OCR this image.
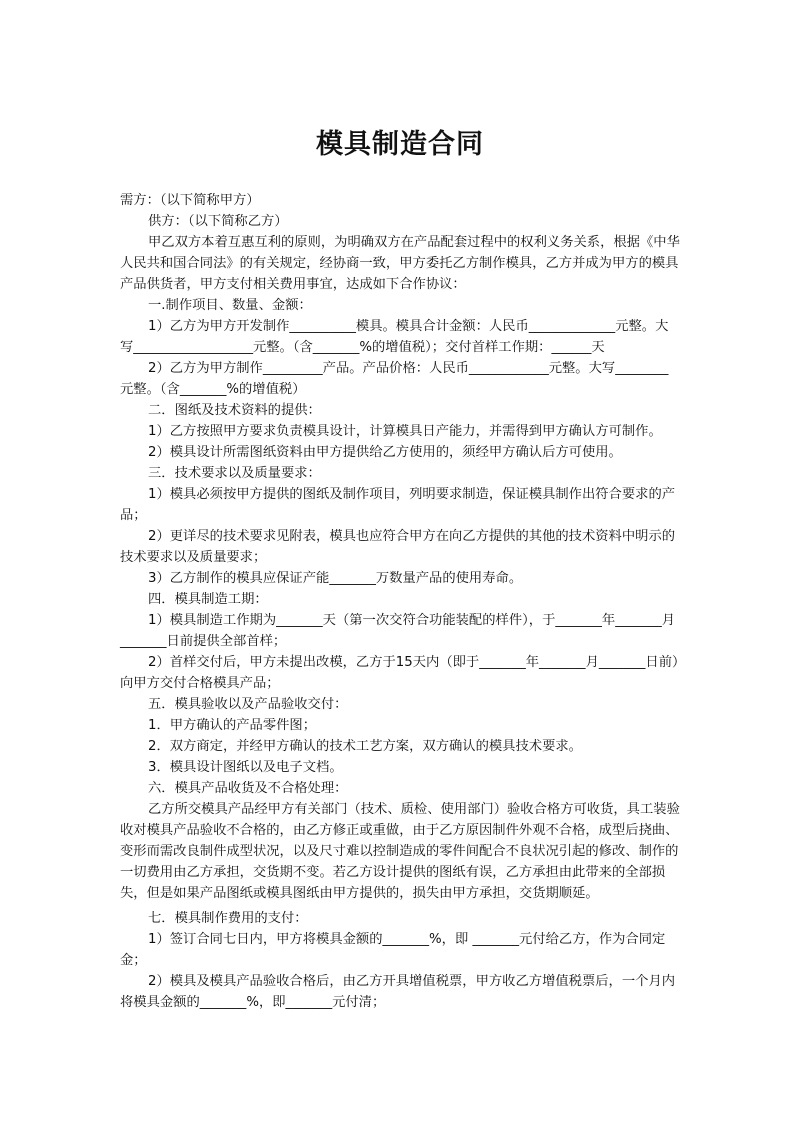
模具制造合同

需方：（以下简称甲方）

供方：（以下简称乙方）

甲乙双方本着互惠互利的原则，为明确双方在产品配套过程中的权利义务关系，根据《中华人民共和国合同法》的有关规定，经协商一致，甲方委托乙方制作模具，乙方并成为甲方的模具产品供货者，甲方支付相关费用事宜，达成如下合作协议：

一.制作项目、数量、金额：

1）乙方为甲方开发制作__________模具。模具合计金额：人民币_____________元整。大写__________________元整。（含_______%的增值税）；交付首样工作期：______天

2）乙方为甲方制作_________产品。产品价格：人民币____________元整。大写________元整。（含_______%的增值税）

二．图纸及技术资料的提供：

1）乙方按照甲方要求负责模具设计，计算模具日产能力，并需得到甲方确认方可制作。

2）模具设计所需图纸资料由甲方提供给乙方使用的，须经甲方确认后方可使用。

三．技术要求以及质量要求：

1）模具必须按甲方提供的图纸及制作项目，列明要求制造，保证模具制作出符合要求的产品；

2）更详尽的技术要求见附表，模具也应符合甲方在向乙方提供的其他的技术资料中明示的技术要求以及质量要求；

3）乙方制作的模具应保证产能_______万数量产品的使用寿命。

四．模具制造工期：

1）模具制造工作期为_______天（第一次交符合功能装配的样件），于_______年_______月_______日前提供全部首样；

2）首样交付后，甲方未提出改模，乙方于15天内（即于_______年_______月_______日前）向甲方交付合格模具产品；

五．模具验收以及产品验收交付：

1．甲方确认的产品零件图；

2．双方商定，并经甲方确认的技术工艺方案，双方确认的模具技术要求。

3．模具设计图纸以及电子文档。

六．模具产品收货及不合格处理：

乙方所交模具产品经甲方有关部门（技术、质检、使用部门）验收合格方可收货，具工装验收对模具产品验收不合格的，由乙方修正或重做，由于乙方原因制件外观不合格，成型后挠曲、变形而需改良制件成型状况，以及尺寸难以控制造成的零件间配合不良状况引起的修改、制作的一切费用由乙方承担，交货期不变。若乙方设计提供的图纸有误，乙方承担由此带来的全部损失，但是如果产品图纸或模具图纸由甲方提供的，损失由甲方承担，交货期顺延。

七．模具制作费用的支付：

1）签订合同七日内，甲方将模具金额的_______%，即 _______元付给乙方，作为合同定金；

2）模具及模具产品验收合格后，由乙方开具增值税票，甲方收乙方增值税票后，一个月内将模具金额的_______%，即_______元付清；
